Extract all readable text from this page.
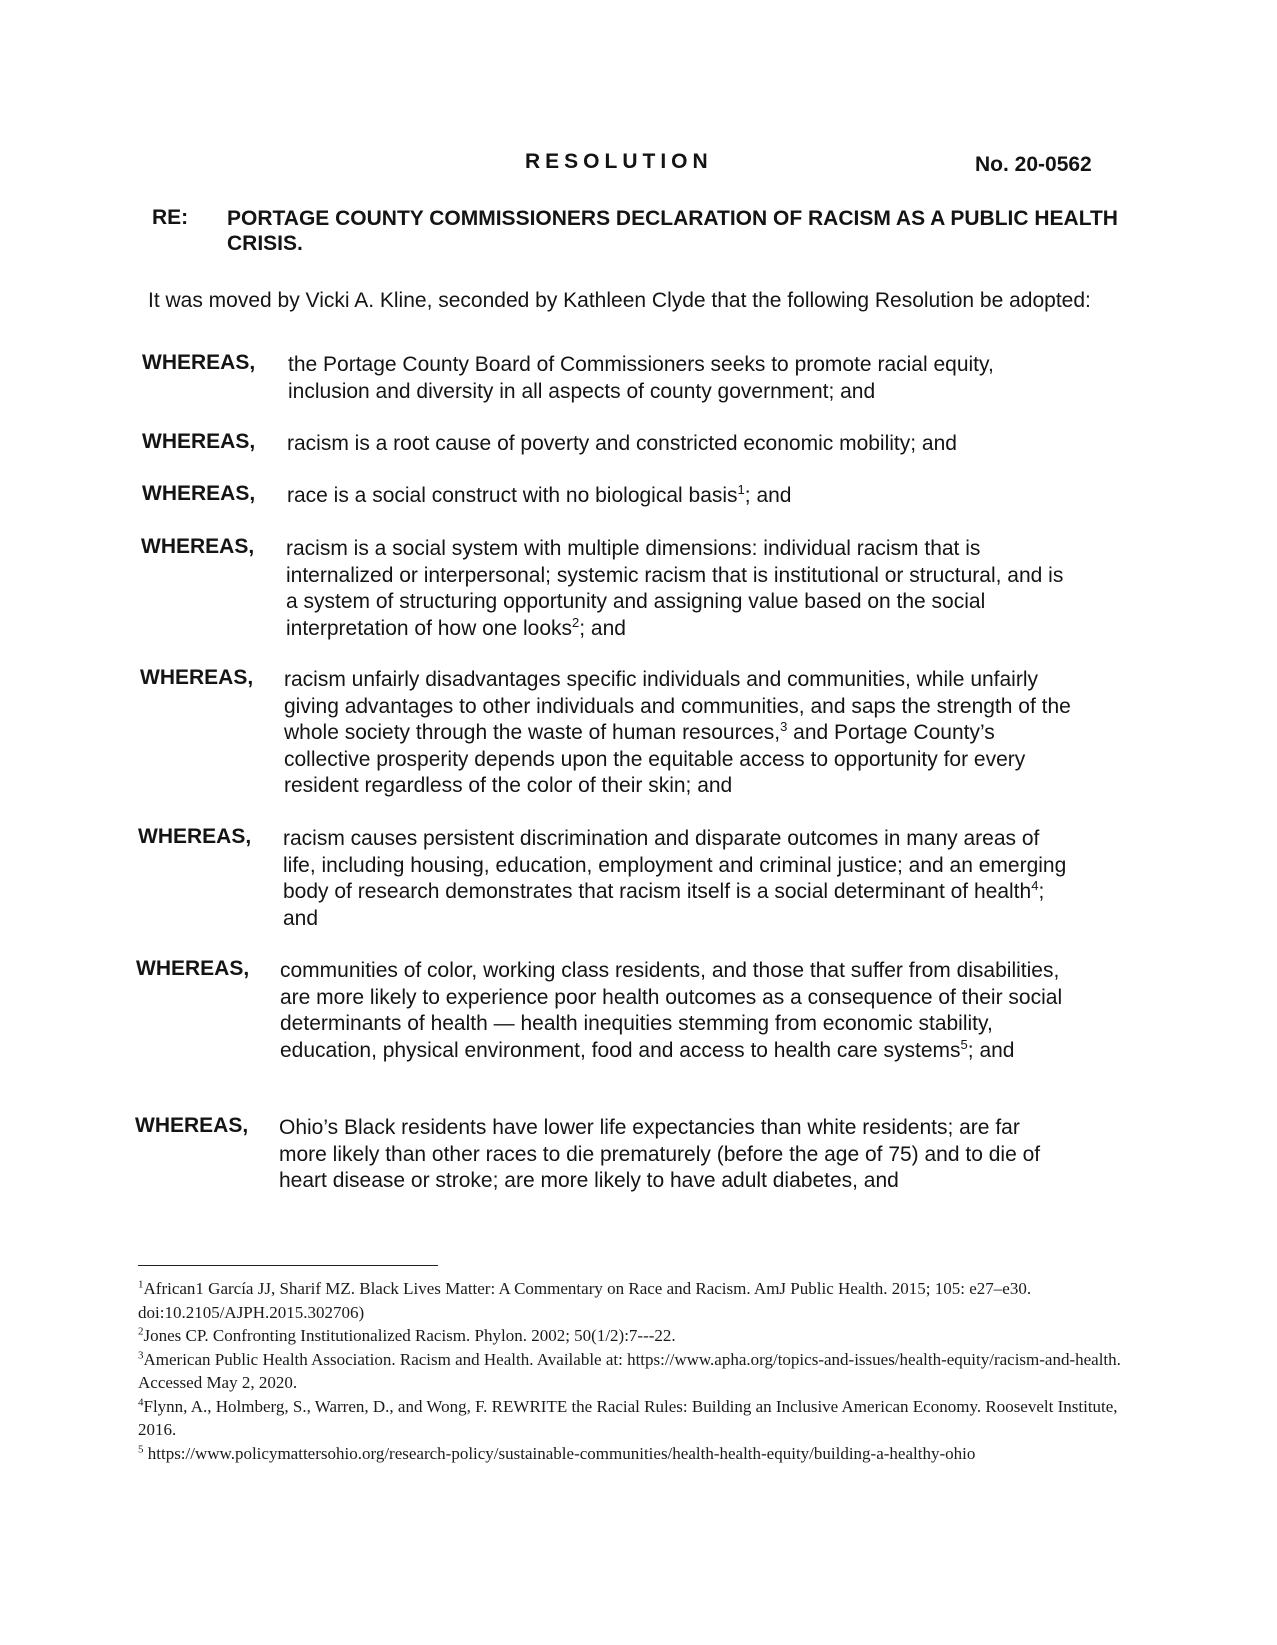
RESOLUTION	No. 20-0562
RE: PORTAGE COUNTY COMMISSIONERS DECLARATION OF RACISM AS A PUBLIC HEALTH CRISIS.
It was moved by Vicki A. Kline, seconded by Kathleen Clyde that the following Resolution be adopted:
WHEREAS, the Portage County Board of Commissioners seeks to promote racial equity, inclusion and diversity in all aspects of county government; and
WHEREAS, racism is a root cause of poverty and constricted economic mobility; and
WHEREAS, race is a social construct with no biological basis$^1$; and
WHEREAS, racism is a social system with multiple dimensions: individual racism that is internalized or interpersonal; systemic racism that is institutional or structural, and is a system of structuring opportunity and assigning value based on the social interpretation of how one looks$^2$; and
WHEREAS, racism unfairly disadvantages specific individuals and communities, while unfairly giving advantages to other individuals and communities, and saps the strength of the whole society through the waste of human resources,$^3$ and Portage County’s collective prosperity depends upon the equitable access to opportunity for every resident regardless of the color of their skin; and
WHEREAS, racism causes persistent discrimination and disparate outcomes in many areas of life, including housing, education, employment and criminal justice; and an emerging body of research demonstrates that racism itself is a social determinant of health$^4$; and
WHEREAS, communities of color, working class residents, and those that suffer from disabilities, are more likely to experience poor health outcomes as a consequence of their social determinants of health — health inequities stemming from economic stability, education, physical environment, food and access to health care systems$^5$; and
WHEREAS, Ohio’s Black residents have lower life expectancies than white residents; are far more likely than other races to die prematurely (before the age of 75) and to die of heart disease or stroke; are more likely to have adult diabetes, and
$^1$African1 García JJ, Sharif MZ. Black Lives Matter: A Commentary on Race and Racism. AmJ Public Health. 2015; 105: e27–e30. doi:10.2105/AJPH.2015.302706)
$^2$Jones CP. Confronting Institutionalized Racism. Phylon. 2002; 50(1/2):7---22.
$^3$American Public Health Association. Racism and Health. Available at: https://www.apha.org/topics-and-issues/health-equity/racism-and-health. Accessed May 2, 2020.
$^4$Flynn, A., Holmberg, S., Warren, D., and Wong, F. REWRITE the Racial Rules: Building an Inclusive American Economy. Roosevelt Institute, 2016.
$^5$ https://www.policymattersohio.org/research-policy/sustainable-communities/health-health-equity/building-a-healthy-ohio
